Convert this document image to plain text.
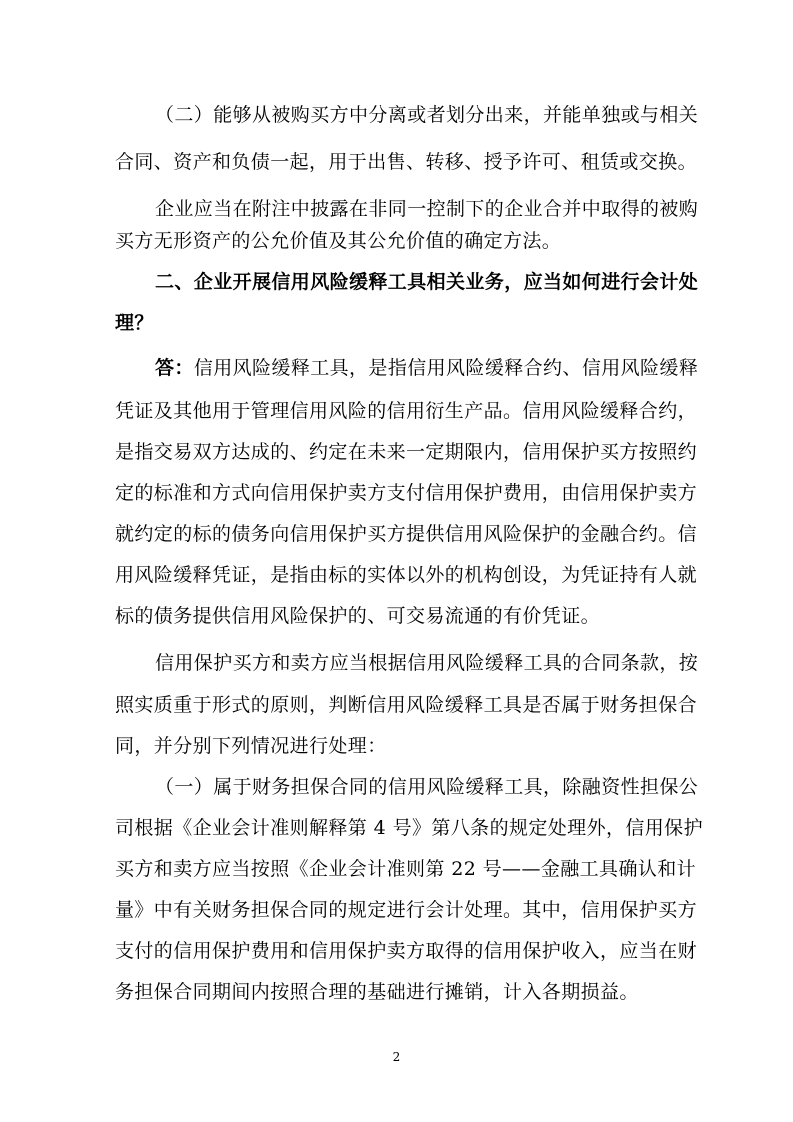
（二）能够从被购买方中分离或者划分出来，并能单独或与相关
合同、资产和负债一起，用于出售、转移、授予许可、租赁或交换。
企业应当在附注中披露在非同一控制下的企业合并中取得的被购
买方无形资产的公允价值及其公允价值的确定方法。
二、企业开展信用风险缓释工具相关业务，应当如何进行会计处
理？
答：信用风险缓释工具，是指信用风险缓释合约、信用风险缓释
凭证及其他用于管理信用风险的信用衍生产品。信用风险缓释合约，
是指交易双方达成的、约定在未来一定期限内，信用保护买方按照约
定的标准和方式向信用保护卖方支付信用保护费用，由信用保护卖方
就约定的标的债务向信用保护买方提供信用风险保护的金融合约。信
用风险缓释凭证，是指由标的实体以外的机构创设，为凭证持有人就
标的债务提供信用风险保护的、可交易流通的有价凭证。
信用保护买方和卖方应当根据信用风险缓释工具的合同条款，按
照实质重于形式的原则，判断信用风险缓释工具是否属于财务担保合
同，并分别下列情况进行处理：
（一）属于财务担保合同的信用风险缓释工具，除融资性担保公
司根据《企业会计准则解释第 4 号》第八条的规定处理外，信用保护
买方和卖方应当按照《企业会计准则第 22 号——金融工具确认和计
量》中有关财务担保合同的规定进行会计处理。其中，信用保护买方
支付的信用保护费用和信用保护卖方取得的信用保护收入，应当在财
务担保合同期间内按照合理的基础进行摊销，计入各期损益。
2
